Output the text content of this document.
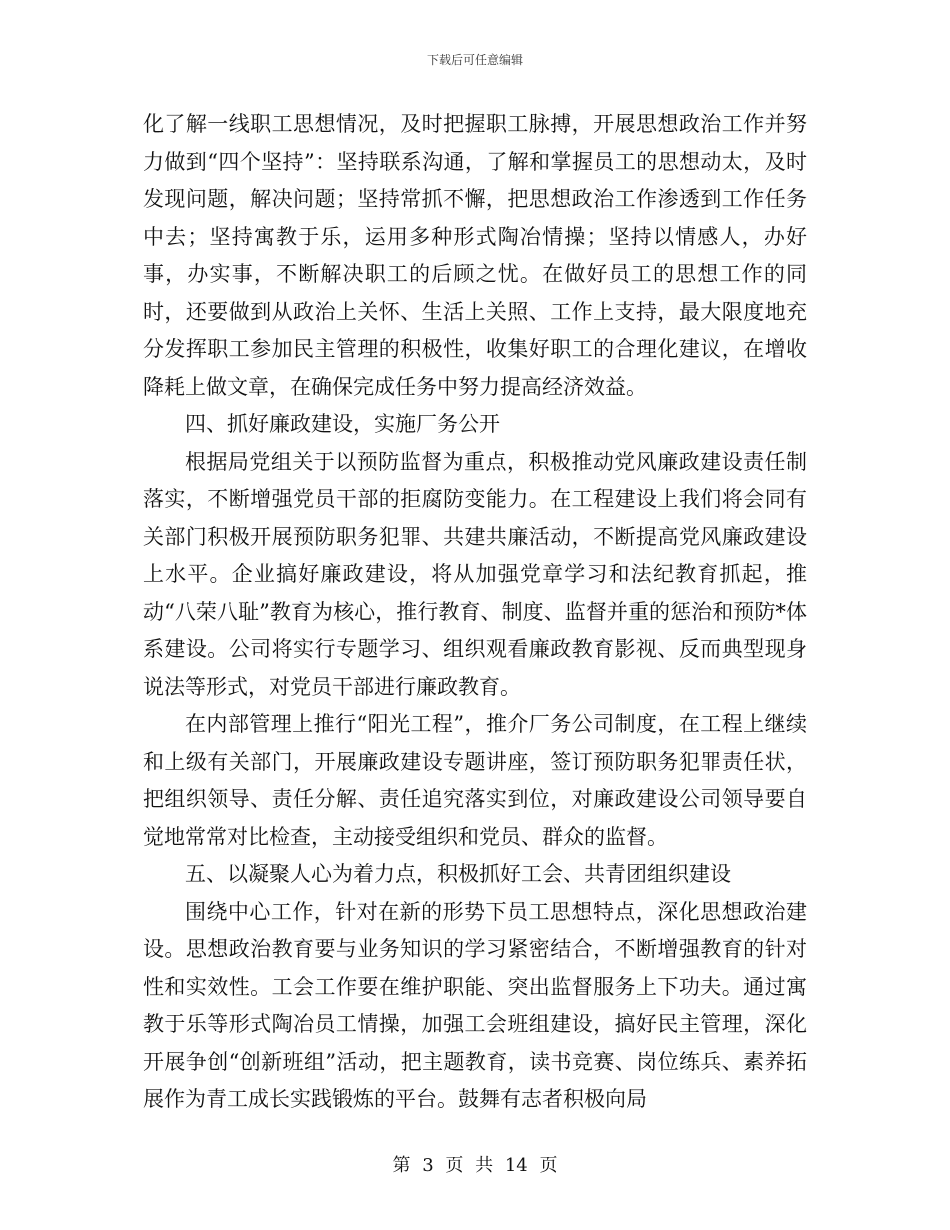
下载后可任意编辑

化了解一线职工思想情况，及时把握职工脉搏，开展思想政治工作并努力做到“四个坚持”：坚持联系沟通，了解和掌握员工的思想动太，及时发现问题，解决问题；坚持常抓不懈，把思想政治工作渗透到工作任务中去；坚持寓教于乐，运用多种形式陶冶情操；坚持以情感人，办好事，办实事，不断解决职工的后顾之忧。在做好员工的思想工作的同时，还要做到从政治上关怀、生活上关照、工作上支持，最大限度地充分发挥职工参加民主管理的积极性，收集好职工的合理化建议，在增收降耗上做文章，在确保完成任务中努力提高经济效益。

四、抓好廉政建设，实施厂务公开

根据局党组关于以预防监督为重点，积极推动党风廉政建设责任制落实，不断增强党员干部的拒腐防变能力。在工程建设上我们将会同有关部门积极开展预防职务犯罪、共建共廉活动，不断提高党风廉政建设上水平。企业搞好廉政建设，将从加强党章学习和法纪教育抓起，推动“八荣八耻”教育为核心，推行教育、制度、监督并重的惩治和预防*体系建设。公司将实行专题学习、组织观看廉政教育影视、反而典型现身说法等形式，对党员干部进行廉政教育。

在内部管理上推行“阳光工程”，推介厂务公司制度，在工程上继续和上级有关部门，开展廉政建设专题讲座，签订预防职务犯罪责任状，把组织领导、责任分解、责任追究落实到位，对廉政建设公司领导要自觉地常常对比检查，主动接受组织和党员、群众的监督。

五、以凝聚人心为着力点，积极抓好工会、共青团组织建设

围绕中心工作，针对在新的形势下员工思想特点，深化思想政治建设。思想政治教育要与业务知识的学习紧密结合，不断增强教育的针对性和实效性。工会工作要在维护职能、突出监督服务上下功夫。通过寓教于乐等形式陶冶员工情操，加强工会班组建设，搞好民主管理，深化开展争创“创新班组”活动，把主题教育，读书竞赛、岗位练兵、素养拓展作为青工成长实践锻炼的平台。鼓舞有志者积极向局

第 3 页 共 14 页
